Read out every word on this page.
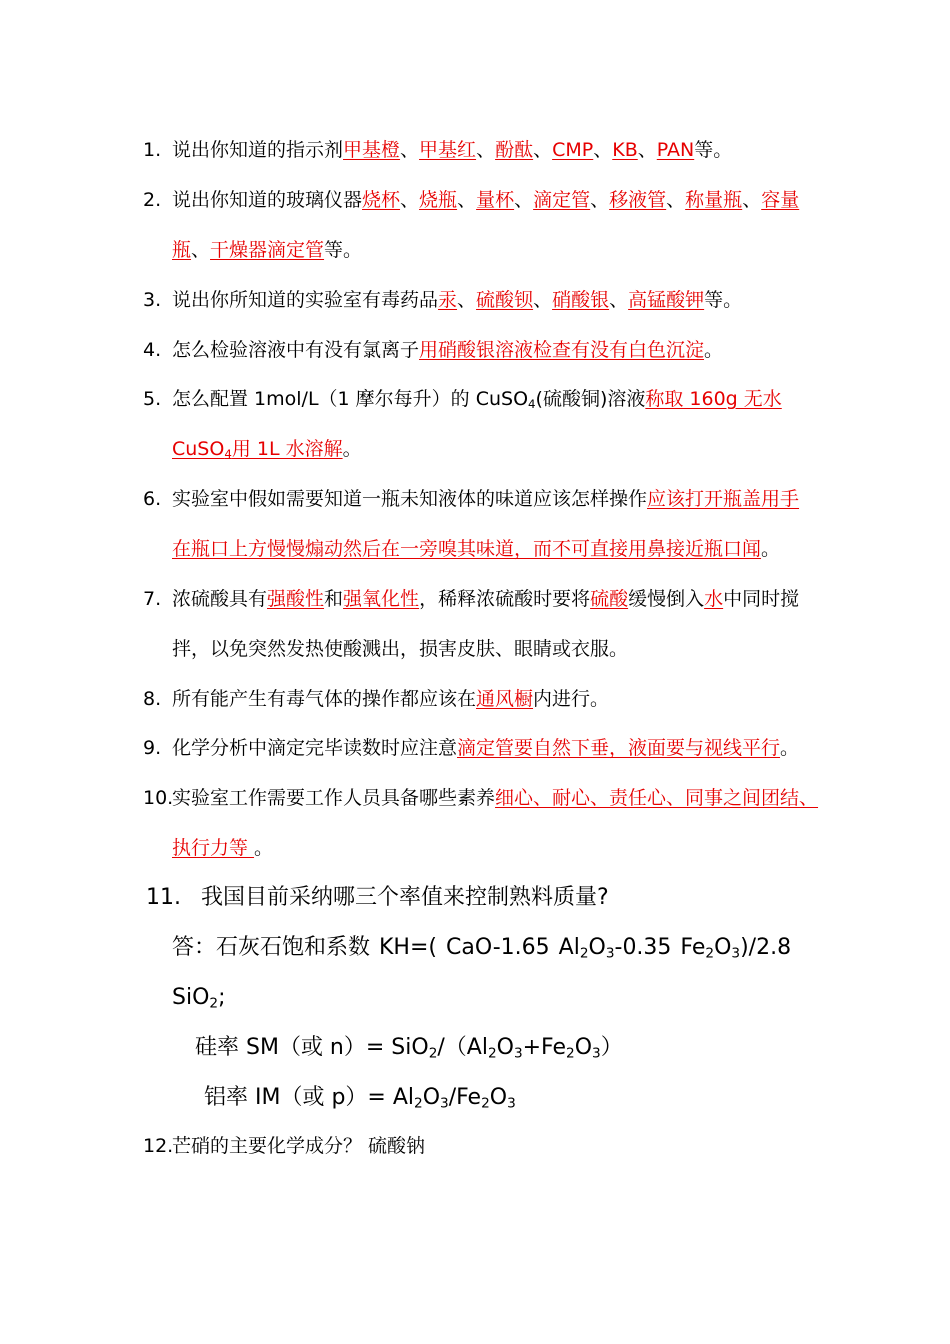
1. 说出你知道的指示剂甲基橙、甲基红、酚酞、CMP、KB、PAN等。
2. 说出你知道的玻璃仪器烧杯、烧瓶、量杯、滴定管、移液管、称量瓶、容量
瓶、干燥器滴定管等。
3. 说出你所知道的实验室有毒药品汞、硫酸钡、硝酸银、高锰酸钾等。
4. 怎么检验溶液中有没有氯离子用硝酸银溶液检查有没有白色沉淀。
5. 怎么配置 1mol/L（1 摩尔每升）的 CuSO$_4$(硫酸铜)溶液称取 160g 无水
CuSO$_4$用 1L 水溶解。
6. 实验室中假如需要知道一瓶未知液体的味道应该怎样操作应该打开瓶盖用手
在瓶口上方慢慢煽动然后在一旁嗅其味道，而不可直接用鼻接近瓶口闻。
7. 浓硫酸具有强酸性和强氧化性，稀释浓硫酸时要将硫酸缓慢倒入水中同时搅
拌，以免突然发热使酸溅出，损害皮肤、眼睛或衣服。
8. 所有能产生有毒气体的操作都应该在通风橱内进行。
9. 化学分析中滴定完毕读数时应注意滴定管要自然下垂，液面要与视线平行。
10.
实验室工作需要工作人员具备哪些素养细心、耐心、责任心、同事之间团结、
执行力等 。
11. 我国目前采纳哪三个率值来控制熟料质量?
答：石灰石饱和系数 KH=( CaO-1.65 $Al_2O_3-0.35$ $Fe_2O_3)/2.8$
SiO$_2$;
硅率 SM（或 $n)= SiO_2/(Al_2O_3+Fe_2O_3)$
铝率 IM（或 $p)= Al_2O_3/Fe_2O_3$
12.
芒硝的主要化学成分？ 硫酸钠
